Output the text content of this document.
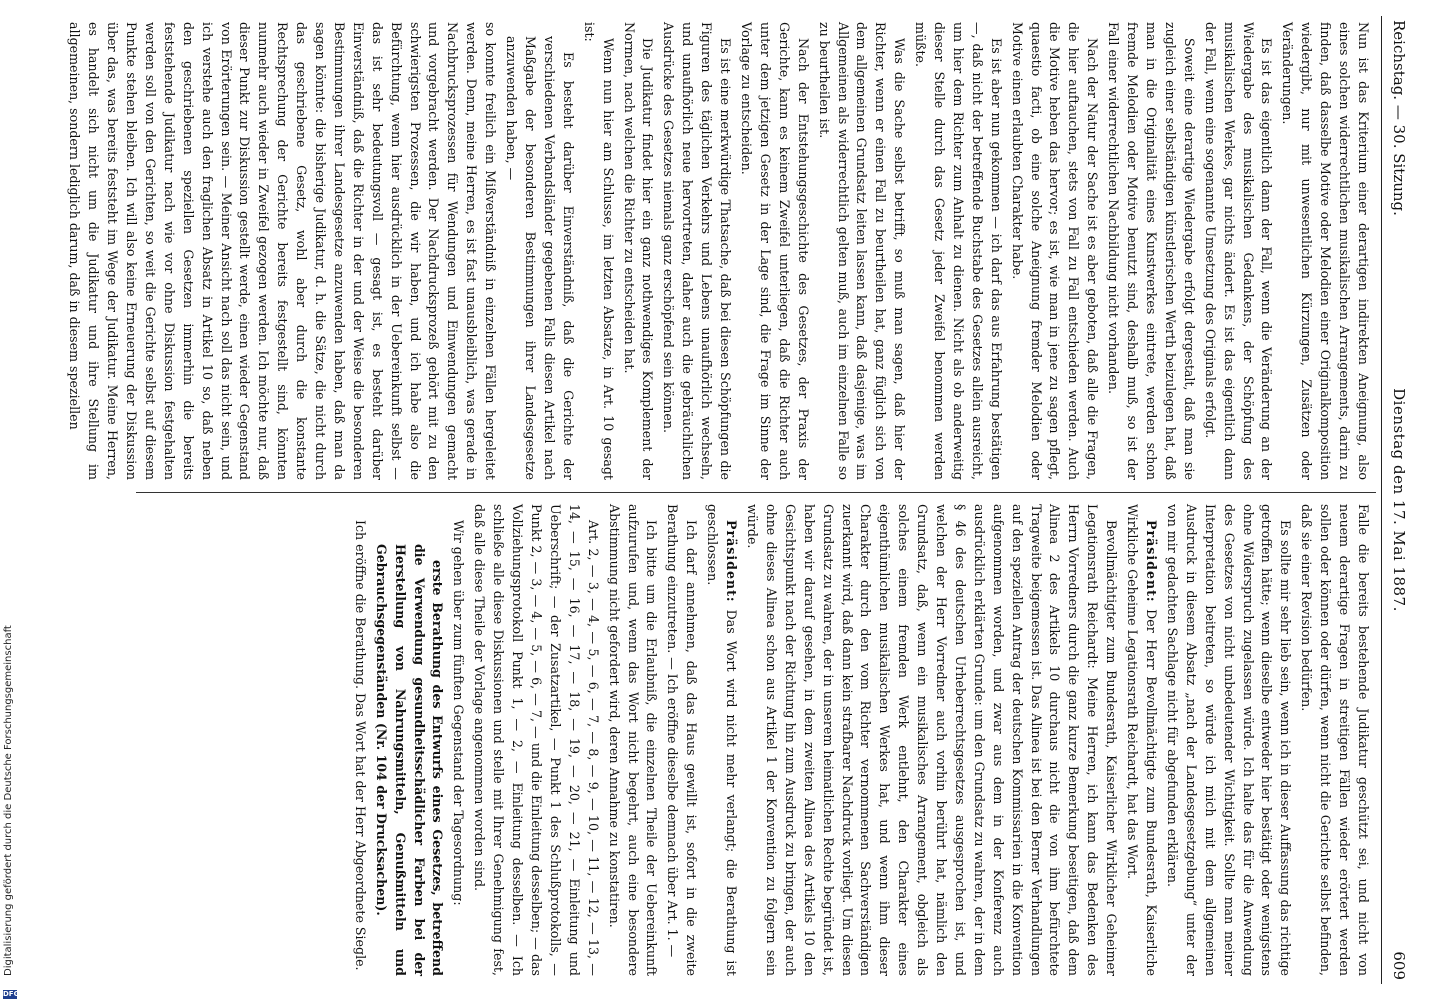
DFG
Digitalisierung gefördert durch die Deutsche Forschungsgemeinschaft
Reichstag. — 30. Sitzung.
Dienstag den 17. Mai 1887.
609

Nun ist das Kriterium einer derartigen indirekten Aneignung, also eines solchen widerrechtlichen musikalischen Arrangements, darin zu finden, daß dasselbe Motive oder Melodien einer Originalkomposition wiedergibt, nur mit unwesentlichen Kürzungen, Zusätzen oder Veränderungen.

Es ist das eigentlich dann der Fall, wenn die Veränderung an der Wiedergabe des musikalischen Gedankens, der Schöpfung des musikalischen Werkes, gar nichts ändert. Es ist das eigentlich dann der Fall, wenn eine sogenannte Umsetzung des Originals erfolgt.

Soweit eine derartige Wiedergabe erfolgt dergestalt, daß man sie zugleich einer selbständigen künstlerischen Werth beizulegen hat, daß man in die Originalität eines Kunstwerkes eintrete, werden schon fremde Melodien oder Motive benutzt sind, deshalb muß, so ist der Fall einer widerrechtlichen Nachbildung nicht vorhanden.

Nach der Natur der Sache ist es aber geboten, daß alle die Fragen, die hier auftauchen, stets von Fall zu Fall entschieden werden. Auch die Motive heben das hervor; es ist, wie man in jene zu sagen pflegt, quaestio facti, ob eine solche Aneignung fremder Melodien oder Motive einen erlaubten Charakter habe.

Es ist aber nun gekommen — ich darf das aus Erfahrung bestätigen —, daß nicht der betreffende Buchstabe des Gesetzes allein ausreicht, um hier dem Richter zum Anhalt zu dienen. Nicht als ob anderweitig dieser Stelle durch das Gesetz jeder Zweifel benommen werden müßte.

Was die Sache selbst betrifft, so muß man sagen, daß hier der Richter, wenn er einen Fall zu beurtheilen hat, ganz füglich sich von dem allgemeinen Grundsatz leiten lassen kann, daß dasjenige, was im Allgemeinen als widerrechtlich gelten muß, auch im einzelnen Falle so zu beurtheilen ist.

Nach der Entstehungsgeschichte des Gesetzes, der Praxis der Gerichte, kann es keinem Zweifel unterliegen, daß die Richter auch unter dem jetzigen Gesetz in der Lage sind, die Frage im Sinne der Vorlage zu entscheiden.

Es ist eine merkwürdige Thatsache, daß bei diesen Schöpfungen die Figuren des täglichen Verkehrs und Lebens unaufhörlich wechseln, und unaufhörlich neue hervortreten, daher auch die gebräuchlichen Ausdrücke des Gesetzes niemals ganz erschöpfend sein können.

Die Judikatur findet hier ein ganz nothwendiges Komplement der Normen, nach welchen die Richter zu entscheiden hat.

Wenn nun hier am Schlusse, im letzten Absatze, in Art. 10 gesagt ist:

Es besteht darüber Einverständniß, daß die Gerichte der verschiedenen Verbandsländer gegebenen Falls diesen Artikel nach Maßgabe der besonderen Bestimmungen ihrer Landesgesetze anzuwenden haben, —

so konnte freilich ein Mißverständniß in einzelnen Fällen hergeleitet werden. Denn, meine Herren, es ist fast unausbleiblich, was gerade in Nachbrucksprozessen für Wendungen und Einwendungen gemacht und vorgebracht werden. Der Nachdrucksprozeß gehört mit zu den schwierigsten Prozessen, die wir haben, und ich habe also die Befürchtung, wenn hier ausdrücklich in der Uebereinkunft selbst — das ist sehr bedeutungsvoll — gesagt ist, es besteht darüber Einverständniß, daß die Richter in der und der Weise die besonderen Bestimmungen ihrer Landesgesetze anzuwenden haben, daß man da sagen könnte: die bisherige Judikatur, d. h. die Sätze, die nicht durch das geschriebene Gesetz, wohl aber durch die konstante Rechtsprechung der Gerichte bereits festgestellt sind, könnten nunmehr auch wieder in Zweifel gezogen werden. Ich möchte nur, daß dieser Punkt zur Diskussion gestellt werde, einen wieder Gegenstand von Erörterungen sein. — Meiner Ansicht nach soll das nicht sein, und ich verstehe auch den fraglichen Absatz in Artikel 10 so, daß neben den geschriebenen speziellen Gesetzen immerhin die bereits feststehende Judikatur nach wie vor ohne Diskussion festgehalten werden soll von den Gerichten, so weit die Gerichte selbst auf diesem Punkte stehen bleiben. Ich will also keine Erneuerung der Diskussion über das, was bereits feststeht im Wege der Judikatur. Meine Herren, es handelt sich nicht um die Judikatur und ihre Stellung im allgemeinen, sondern lediglich darum, daß in diesem speziellen

Falle die bereits bestehende Judikatur geschützt sei, und nicht von neuem derartige Fragen in streitigen Fällen wieder erörtert werden sollen oder können oder dürfen, wenn nicht die Gerichte selbst befinden, daß sie einer Revision bedürfen.

Es sollte mir sehr lieb sein, wenn ich in dieser Auffassung das richtige getroffen hätte; wenn dieselbe entweder hier bestätigt oder wenigstens ohne Widerspruch zugelassen würde. Ich halte das für die Anwendung des Gesetzes von nicht unbedeutender Wichtigkeit. Sollte man meiner Interpretation beitreten, so würde ich mich mit dem allgemeinen Ausdruck in diesem Absatz „nach der Landesgesetzgebung“ unter der von mir gedachten Sachlage nicht für abgefunden erklären.

Präsident: Der Herr Bevollmächtigte zum Bundesrath, Kaiserliche Wirkliche Geheime Legationsrath Reichardt, hat das Wort.

Bevollmächtigter zum Bundesrath, Kaiserlicher Wirklicher Geheimer Legationsrath Reichardt: Meine Herren, ich kann das Bedenken des Herrn Vorredners durch die ganz kurze Bemerkung beseitigen, daß dem Alinea 2 des Artikels 10 durchaus nicht die von ihm befürchtete Tragweite beigemessen ist. Das Alinea ist bei den Berner Verhandlungen auf den speziellen Antrag der deutschen Kommissarien in die Konvention aufgenommen worden, und zwar aus dem in der Konferenz auch ausdrücklich erklärten Grunde: um den Grundsatz zu wahren, der in dem § 46 des deutschen Urheberrechtsgesetzes ausgesprochen ist, und welchen der Herr Vorredner auch vorhin berührt hat, nämlich den Grundsatz, daß, wenn ein musikalisches Arrangement, obgleich als solches einem fremden Werk entlehnt, den Charakter eines eigenthümlichen musikalischen Werkes hat, und wenn ihm dieser Charakter durch den vom Richter vernommenen Sachverständigen zuerkannt wird, daß dann kein strafbarer Nachdruck vorliegt. Um diesen Grundsatz zu wahren, der in unserem heimatlichen Rechte begründet ist, haben wir darauf gesehen, in dem zweiten Alinea des Artikels 10 den Gesichtspunkt nach der Richtung hin zum Ausdruck zu bringen, der auch ohne dieses Alinea schon aus Artikel 1 der Konvention zu folgern sein würde.

Präsident: Das Wort wird nicht mehr verlangt; die Berathung ist geschlossen.

Ich darf annehmen, daß das Haus gewillt ist, sofort in die zweite Berathung einzutreten. — Ich eröffne dieselbe demnach über Art. 1. —

Ich bitte um die Erlaubniß, die einzelnen Theile der Uebereinkunft aufzurufen und, wenn das Wort nicht begehrt, auch eine besondere Abstimmung nicht gefordert wird, deren Annahme zu konstatiren.

Art. 2, — 3, — 4, — 5, — 6, — 7, — 8, — 9, — 10, — 11, — 12, — 13, — 14, — 15, — 16, — 17, — 18, — 19, — 20, — 21, — Einleitung und Ueberschrift; — der Zusatzartikel, — Punkt 1 des Schlußprotokolls, — Punkt 2, — 3, — 4, — 5, — 6, — 7, — und die Einleitung desselben; — das Vollziehungsprotokoll Punkt 1, — 2, — Einleitung desselben. — Ich schließe alle diese Diskussionen und stelle mit Ihrer Genehmigung fest, daß alle diese Theile der Vorlage angenommen worden sind.

Wir gehen über zum fünften Gegenstand der Tagesordnung:

erste Berathung des Entwurfs eines Gesetzes, betreffend die Verwendung gesundheitsschädlicher Farben bei der Herstellung von Nahrungsmitteln, Genußmitteln und Gebrauchsgegenständen (Nr. 104 der Drucksachen).

Ich eröffne die Berathung. Das Wort hat der Herr Abgeordnete Siegle.
